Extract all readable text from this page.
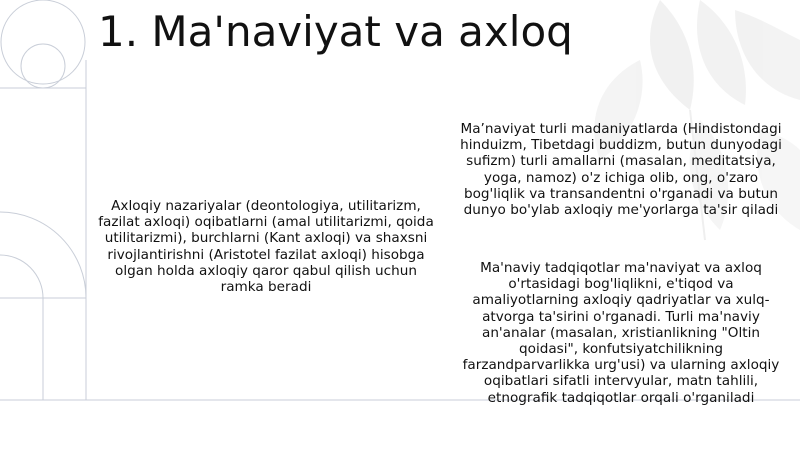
1. Ma'naviyat va axloq
Axloqiy nazariyalar (deontologiya, utilitarizm, fazilat axloqi) oqibatlarni (amal utilitarizmi, qoida utilitarizmi), burchlarni (Kant axloqi) va shaxsni rivojlantirishni (Aristotel fazilat axloqi) hisobga olgan holda axloqiy qaror qabul qilish uchun ramka beradi
Ma’naviyat turli madaniyatlarda (Hindistondagi hinduizm, Tibetdagi buddizm, butun dunyodagi sufizm) turli amallarni (masalan, meditatsiya, yoga, namoz) o'z ichiga olib, ong, o'zaro bog'liqlik va transandentni o'rganadi va butun dunyo bo'ylab axloqiy me'yorlarga ta'sir qiladi
Ma'naviy tadqiqotlar ma'naviyat va axloq o'rtasidagi bog'liqlikni, e'tiqod va amaliyotlarning axloqiy qadriyatlar va xulq-atvorga ta'sirini o'rganadi. Turli ma'naviy an'analar (masalan, xristianlikning "Oltin qoidasi", konfutsiyatchilikning farzandparvarlikka urg'usi) va ularning axloqiy oqibatlari sifatli intervyular, matn tahlili, etnografik tadqiqotlar orqali o'rganiladi
